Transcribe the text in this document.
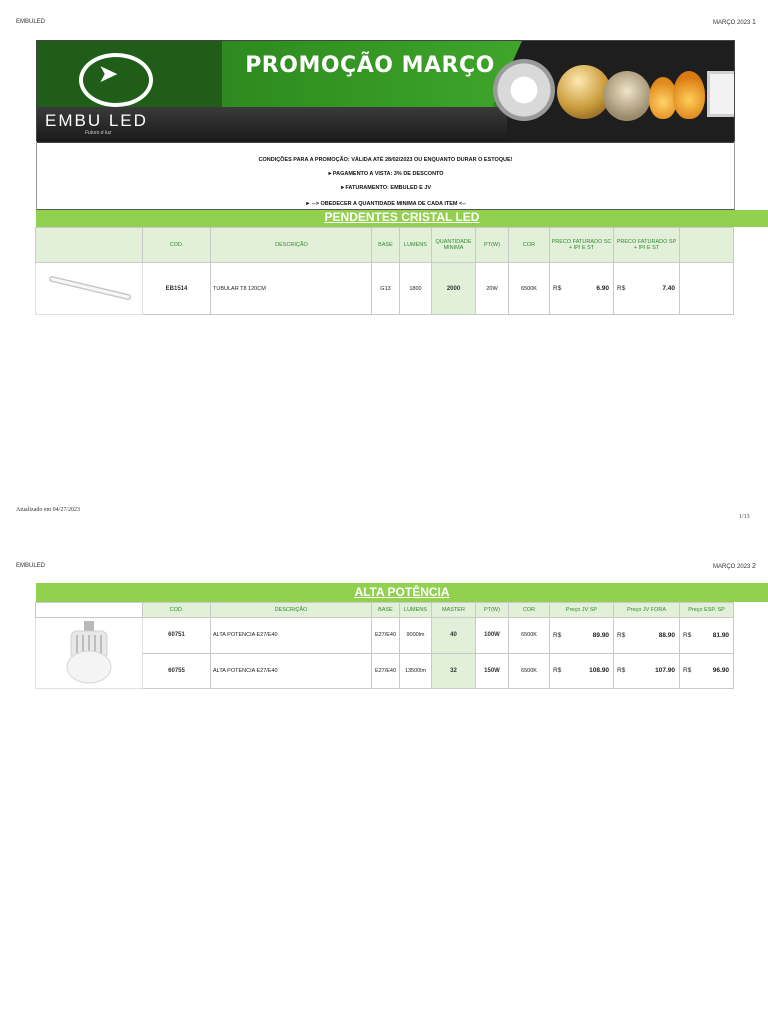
EMBULED	MARÇO 2023 1
➤
EMBU LED
Futuro é luz
PROMOÇÃO MARÇO

CONDIÇÕES PARA A PROMOÇÃO: VÁLIDA ATÉ 28/02/2023 OU ENQUANTO DURAR O ESTOQUE!

►PAGAMENTO A VISTA: 3% DE DESCONTO

►FATURAMENTO: EMBULED E JV

► --> OBEDECER A QUANTIDADE MINIMA DE CADA ITEM <--

PENDENTES CRISTAL LED
	COD.	DESCRIÇÃO	BASE	LUMENS	QUANTIDADE MINIMA	PT(W)	COR	PRECO FATURADO SC + IPI E ST	PRECO FATURADO SP + IPI E ST	
	EB1514	TUBULAR T8 120CM	G13	1800	2000	20W	6500K	R$ 6.90	R$ 7.40	

Atualizado em 04/27/2023
1/13
EMBULED	MARÇO 2023 2
ALTA POTÊNCIA
	COD.	DESCRIÇÃO	BASE	LUMENS	MASTER	PT(W)	COR	Preço JV SP	Preço JV FORA	Preço ESP. SP
	60751	ALTA POTENCIA E27/E40	E27/E40	9000lm	40	100W	6500K	R$ 89.90	R$ 88.90	R$ 81.90

	60755	ALTA POTENCIA E27/E40	E27/E40	13500lm	32	150W	6500K	R$ 108.90	R$ 107.90	R$ 96.90
